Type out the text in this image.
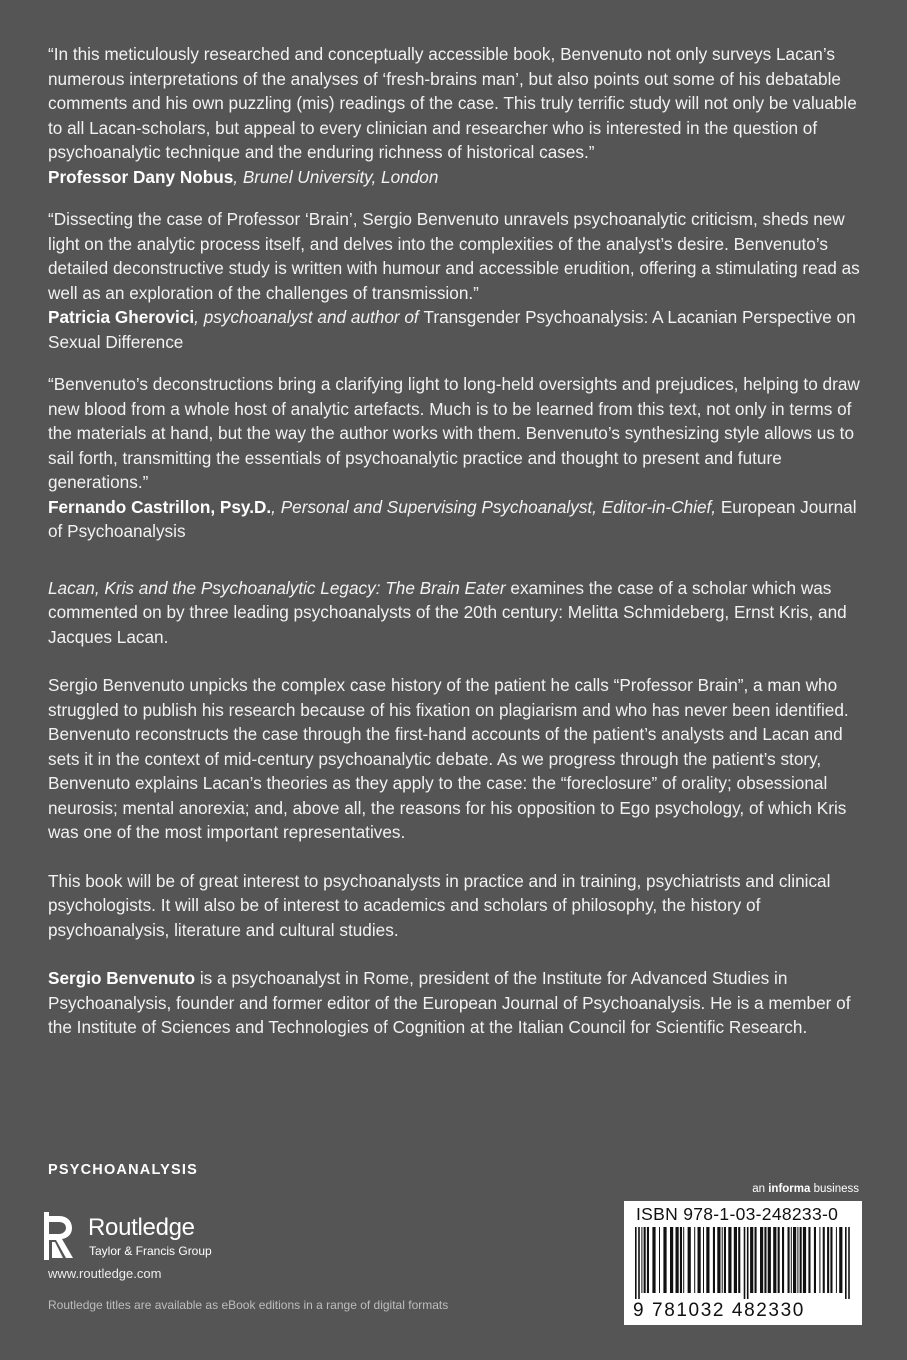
“In this meticulously researched and conceptually accessible book, Benvenuto not only surveys Lacan’s numerous interpretations of the analyses of ‘fresh-brains man’, but also points out some of his debatable comments and his own puzzling (mis) readings of the case. This truly terrific study will not only be valuable to all Lacan-scholars, but appeal to every clinician and researcher who is interested in the question of psychoanalytic technique and the enduring richness of historical cases.”

Professor Dany Nobus, Brunel University, London

“Dissecting the case of Professor ‘Brain’, Sergio Benvenuto unravels psychoanalytic criticism, sheds new light on the analytic process itself, and delves into the complexities of the analyst’s desire. Benvenuto’s detailed deconstructive study is written with humour and accessible erudition, offering a stimulating read as well as an exploration of the challenges of transmission.”

Patricia Gherovici, psychoanalyst and author of Transgender Psychoanalysis: A Lacanian Perspective on Sexual Difference

“Benvenuto’s deconstructions bring a clarifying light to long-held oversights and prejudices, helping to draw new blood from a whole host of analytic artefacts. Much is to be learned from this text, not only in terms of the materials at hand, but the way the author works with them. Benvenuto’s synthesizing style allows us to sail forth, transmitting the essentials of psychoanalytic practice and thought to present and future generations.”

Fernando Castrillon, Psy.D., Personal and Supervising Psychoanalyst, Editor-in-Chief, European Journal of Psychoanalysis

Lacan, Kris and the Psychoanalytic Legacy: The Brain Eater examines the case of a scholar which was commented on by three leading psychoanalysts of the 20th century: Melitta Schmideberg, Ernst Kris, and Jacques Lacan.

Sergio Benvenuto unpicks the complex case history of the patient he calls “Professor Brain”, a man who struggled to publish his research because of his fixation on plagiarism and who has never been identified. Benvenuto reconstructs the case through the first-hand accounts of the patient’s analysts and Lacan and sets it in the context of mid-century psychoanalytic debate. As we progress through the patient’s story, Benvenuto explains Lacan’s theories as they apply to the case: the “foreclosure” of orality; obsessional neurosis; mental anorexia; and, above all, the reasons for his opposition to Ego psychology, of which Kris was one of the most important representatives.

This book will be of great interest to psychoanalysts in practice and in training, psychiatrists and clinical psychologists. It will also be of interest to academics and scholars of philosophy, the history of psychoanalysis, literature and cultural studies.

Sergio Benvenuto is a psychoanalyst in Rome, president of the Institute for Advanced Studies in Psychoanalysis, founder and former editor of the European Journal of Psychoanalysis. He is a member of the Institute of Sciences and Technologies of Cognition at the Italian Council for Scientific Research.

PSYCHOANALYSIS
Routledge
Taylor & Francis Group
www.routledge.com
Routledge titles are available as eBook editions in a range of digital formats
an informa business
ISBN 978-1-03-248233-0
9 781032 482330
